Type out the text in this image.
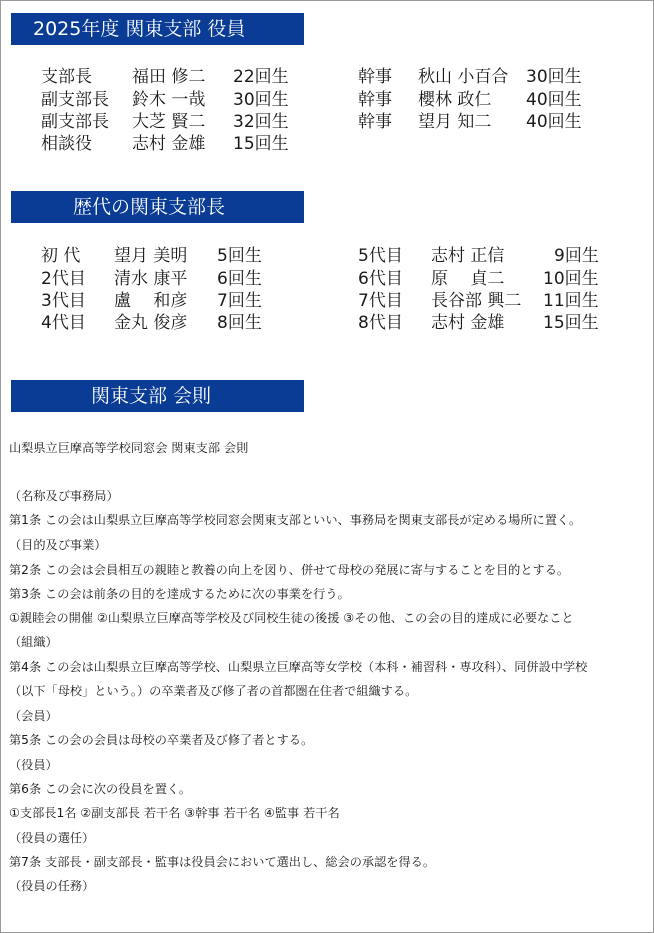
2025年度 関東支部 役員
支部長 福田 修二 22回生
副支部長 鈴木 一哉 30回生
副支部長 大芝 賢二 32回生
相談役 志村 金雄 15回生
幹事 秋山 小百合 30回生
幹事 櫻林 政仁 40回生
幹事 望月 知二 40回生
歴代の関東支部長
初 代 望月 美明 5回生
2代目 清水 康平 6回生
3代目 盧　 和彦 7回生
4代目 金丸 俊彦 8回生
5代目 志村 正信	9回生
6代目 原　 貞二 10回生
7代目 長谷部 興二 11回生
8代目 志村 金雄 15回生
関東支部 会則
山梨県立巨摩高等学校同窓会 関東支部 会則
（名称及び事務局）
第1条 この会は山梨県立巨摩高等学校同窓会関東支部といい、事務局を関東支部長が定める場所に置く。
（目的及び事業）
第2条 この会は会員相互の親睦と教養の向上を図り、併せて母校の発展に寄与することを目的とする。
第3条 この会は前条の目的を達成するために次の事業を行う。
①親睦会の開催 ②山梨県立巨摩高等学校及び同校生徒の後援 ③その他、この会の目的達成に必要なこと
（組織）
第4条 この会は山梨県立巨摩高等学校、山梨県立巨摩高等女学校（本科・補習科・専攻科）、同併設中学校
（以下「母校」という。）の卒業者及び修了者の首都圏在住者で組織する。
（会員）
第5条 この会の会員は母校の卒業者及び修了者とする。
（役員）
第6条 この会に次の役員を置く。
①支部長1名 ②副支部長 若干名 ③幹事 若干名 ④監事 若干名
（役員の選任）
第7条 支部長・副支部長・監事は役員会において選出し、総会の承認を得る。
（役員の任務）
